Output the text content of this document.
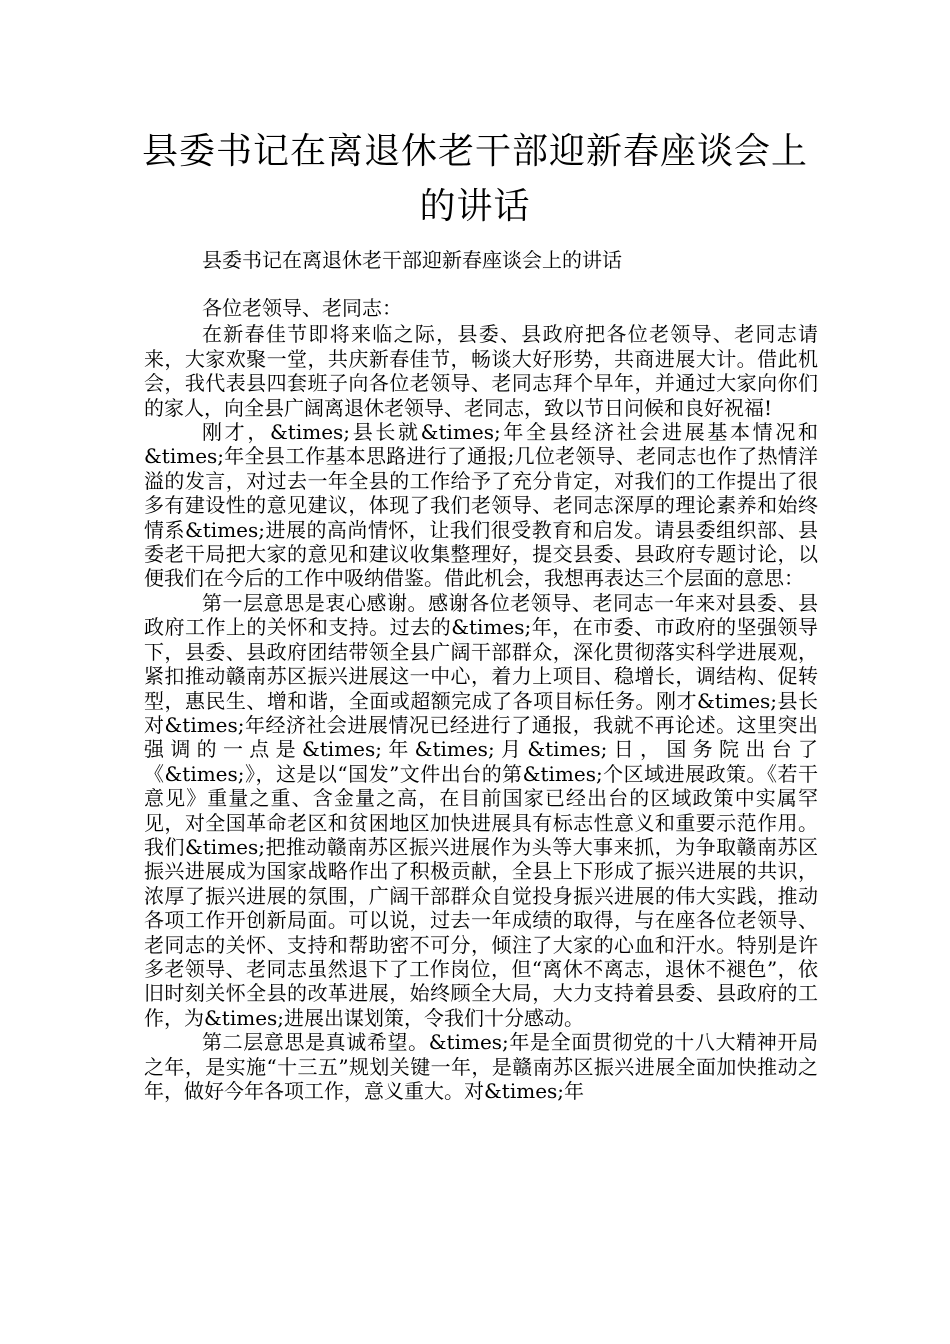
县委书记在离退休老干部迎新春座谈会上
的讲话

县委书记在离退休老干部迎新春座谈会上的讲话

各位老领导、老同志：

在新春佳节即将来临之际，县委、县政府把各位老领导、老同志请来，大家欢聚一堂，共庆新春佳节，畅谈大好形势，共商进展大计。借此机会，我代表县四套班子向各位老领导、老同志拜个早年，并通过大家向你们的家人，向全县广阔离退休老领导、老同志，致以节日问候和良好祝福!

刚才，&times;县长就&times;年全县经济社会进展基本情况和&times;年全县工作基本思路进行了通报;几位老领导、老同志也作了热情洋溢的发言，对过去一年全县的工作给予了充分肯定，对我们的工作提出了很多有建设性的意见建议，体现了我们老领导、老同志深厚的理论素养和始终情系&times;进展的高尚情怀，让我们很受教育和启发。请县委组织部、县委老干局把大家的意见和建议收集整理好，提交县委、县政府专题讨论，以便我们在今后的工作中吸纳借鉴。借此机会，我想再表达三个层面的意思：

第一层意思是衷心感谢。感谢各位老领导、老同志一年来对县委、县政府工作上的关怀和支持。过去的&times;年，在市委、市政府的坚强领导下，县委、县政府团结带领全县广阔干部群众，深化贯彻落实科学进展观，紧扣推动赣南苏区振兴进展这一中心，着力上项目、稳增长，调结构、促转型，惠民生、增和谐，全面或超额完成了各项目标任务。刚才&times;县长对&times;年经济社会进展情况已经进行了通报，我就不再论述。这里突出强调的一点是&times;年&times;月&times;日，国务院出台了《&times;》，这是以“国发”文件出台的第&times;个区域进展政策。《若干意见》重量之重、含金量之高，在目前国家已经出台的区域政策中实属罕见，对全国革命老区和贫困地区加快进展具有标志性意义和重要示范作用。我们&times;把推动赣南苏区振兴进展作为头等大事来抓，为争取赣南苏区振兴进展成为国家战略作出了积极贡献，全县上下形成了振兴进展的共识，浓厚了振兴进展的氛围，广阔干部群众自觉投身振兴进展的伟大实践，推动各项工作开创新局面。可以说，过去一年成绩的取得，与在座各位老领导、老同志的关怀、支持和帮助密不可分，倾注了大家的心血和汗水。特别是许多老领导、老同志虽然退下了工作岗位，但“离休不离志，退休不褪色”，依旧时刻关怀全县的改革进展，始终顾全大局，大力支持着县委、县政府的工作，为&times;进展出谋划策，令我们十分感动。

第二层意思是真诚希望。&times;年是全面贯彻党的十八大精神开局之年，是实施“十三五”规划关键一年，是赣南苏区振兴进展全面加快推动之年，做好今年各项工作，意义重大。对&times;年
